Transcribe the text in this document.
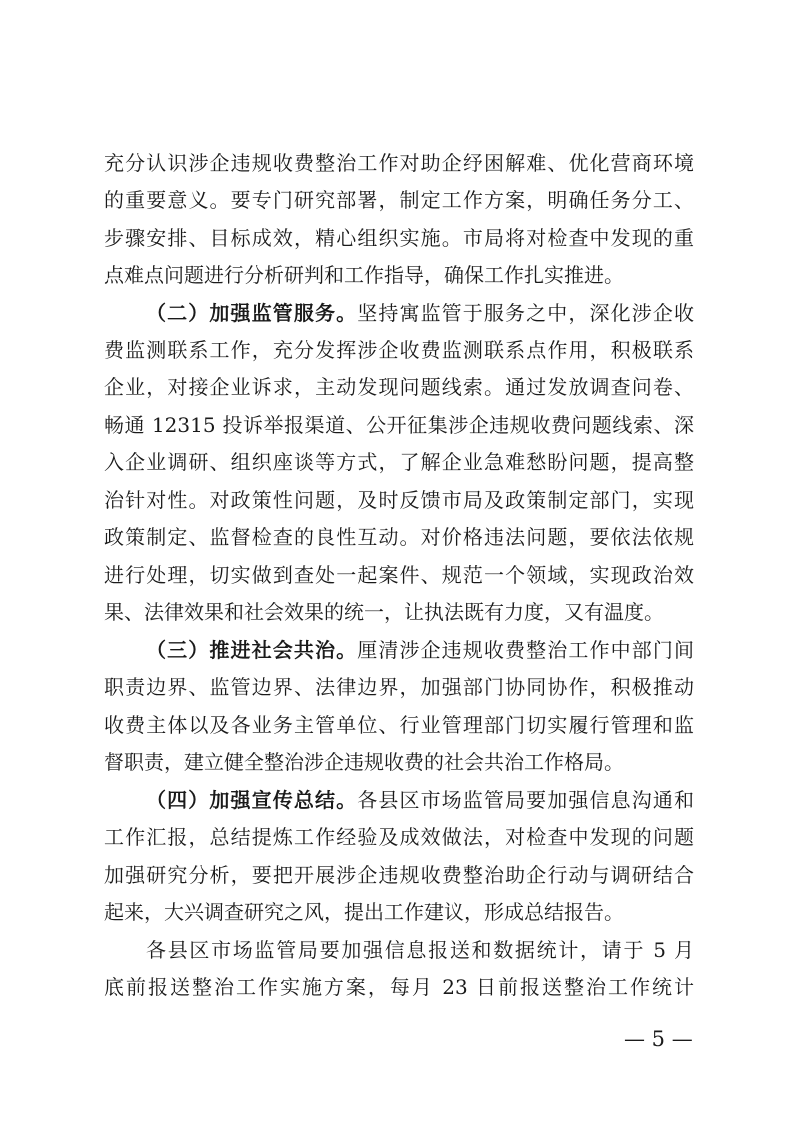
充分认识涉企违规收费整治工作对助企纾困解难、优化营商环境
的重要意义。要专门研究部署，制定工作方案，明确任务分工、
步骤安排、目标成效，精心组织实施。市局将对检查中发现的重
点难点问题进行分析研判和工作指导，确保工作扎实推进。
（二）加强监管服务。坚持寓监管于服务之中，深化涉企收
费监测联系工作，充分发挥涉企收费监测联系点作用，积极联系
企业，对接企业诉求，主动发现问题线索。通过发放调查问卷、
畅通 12315 投诉举报渠道、公开征集涉企违规收费问题线索、深
入企业调研、组织座谈等方式，了解企业急难愁盼问题，提高整
治针对性。对政策性问题，及时反馈市局及政策制定部门，实现
政策制定、监督检查的良性互动。对价格违法问题，要依法依规
进行处理，切实做到查处一起案件、规范一个领域，实现政治效
果、法律效果和社会效果的统一，让执法既有力度，又有温度。
（三）推进社会共治。厘清涉企违规收费整治工作中部门间
职责边界、监管边界、法律边界，加强部门协同协作，积极推动
收费主体以及各业务主管单位、行业管理部门切实履行管理和监
督职责，建立健全整治涉企违规收费的社会共治工作格局。
（四）加强宣传总结。各县区市场监管局要加强信息沟通和
工作汇报，总结提炼工作经验及成效做法，对检查中发现的问题
加强研究分析，要把开展涉企违规收费整治助企行动与调研结合
起来，大兴调查研究之风，提出工作建议，形成总结报告。
各县区市场监管局要加强信息报送和数据统计，请于 5 月
底前报送整治工作实施方案，每月 23 日前报送整治工作统计
— 5 —
